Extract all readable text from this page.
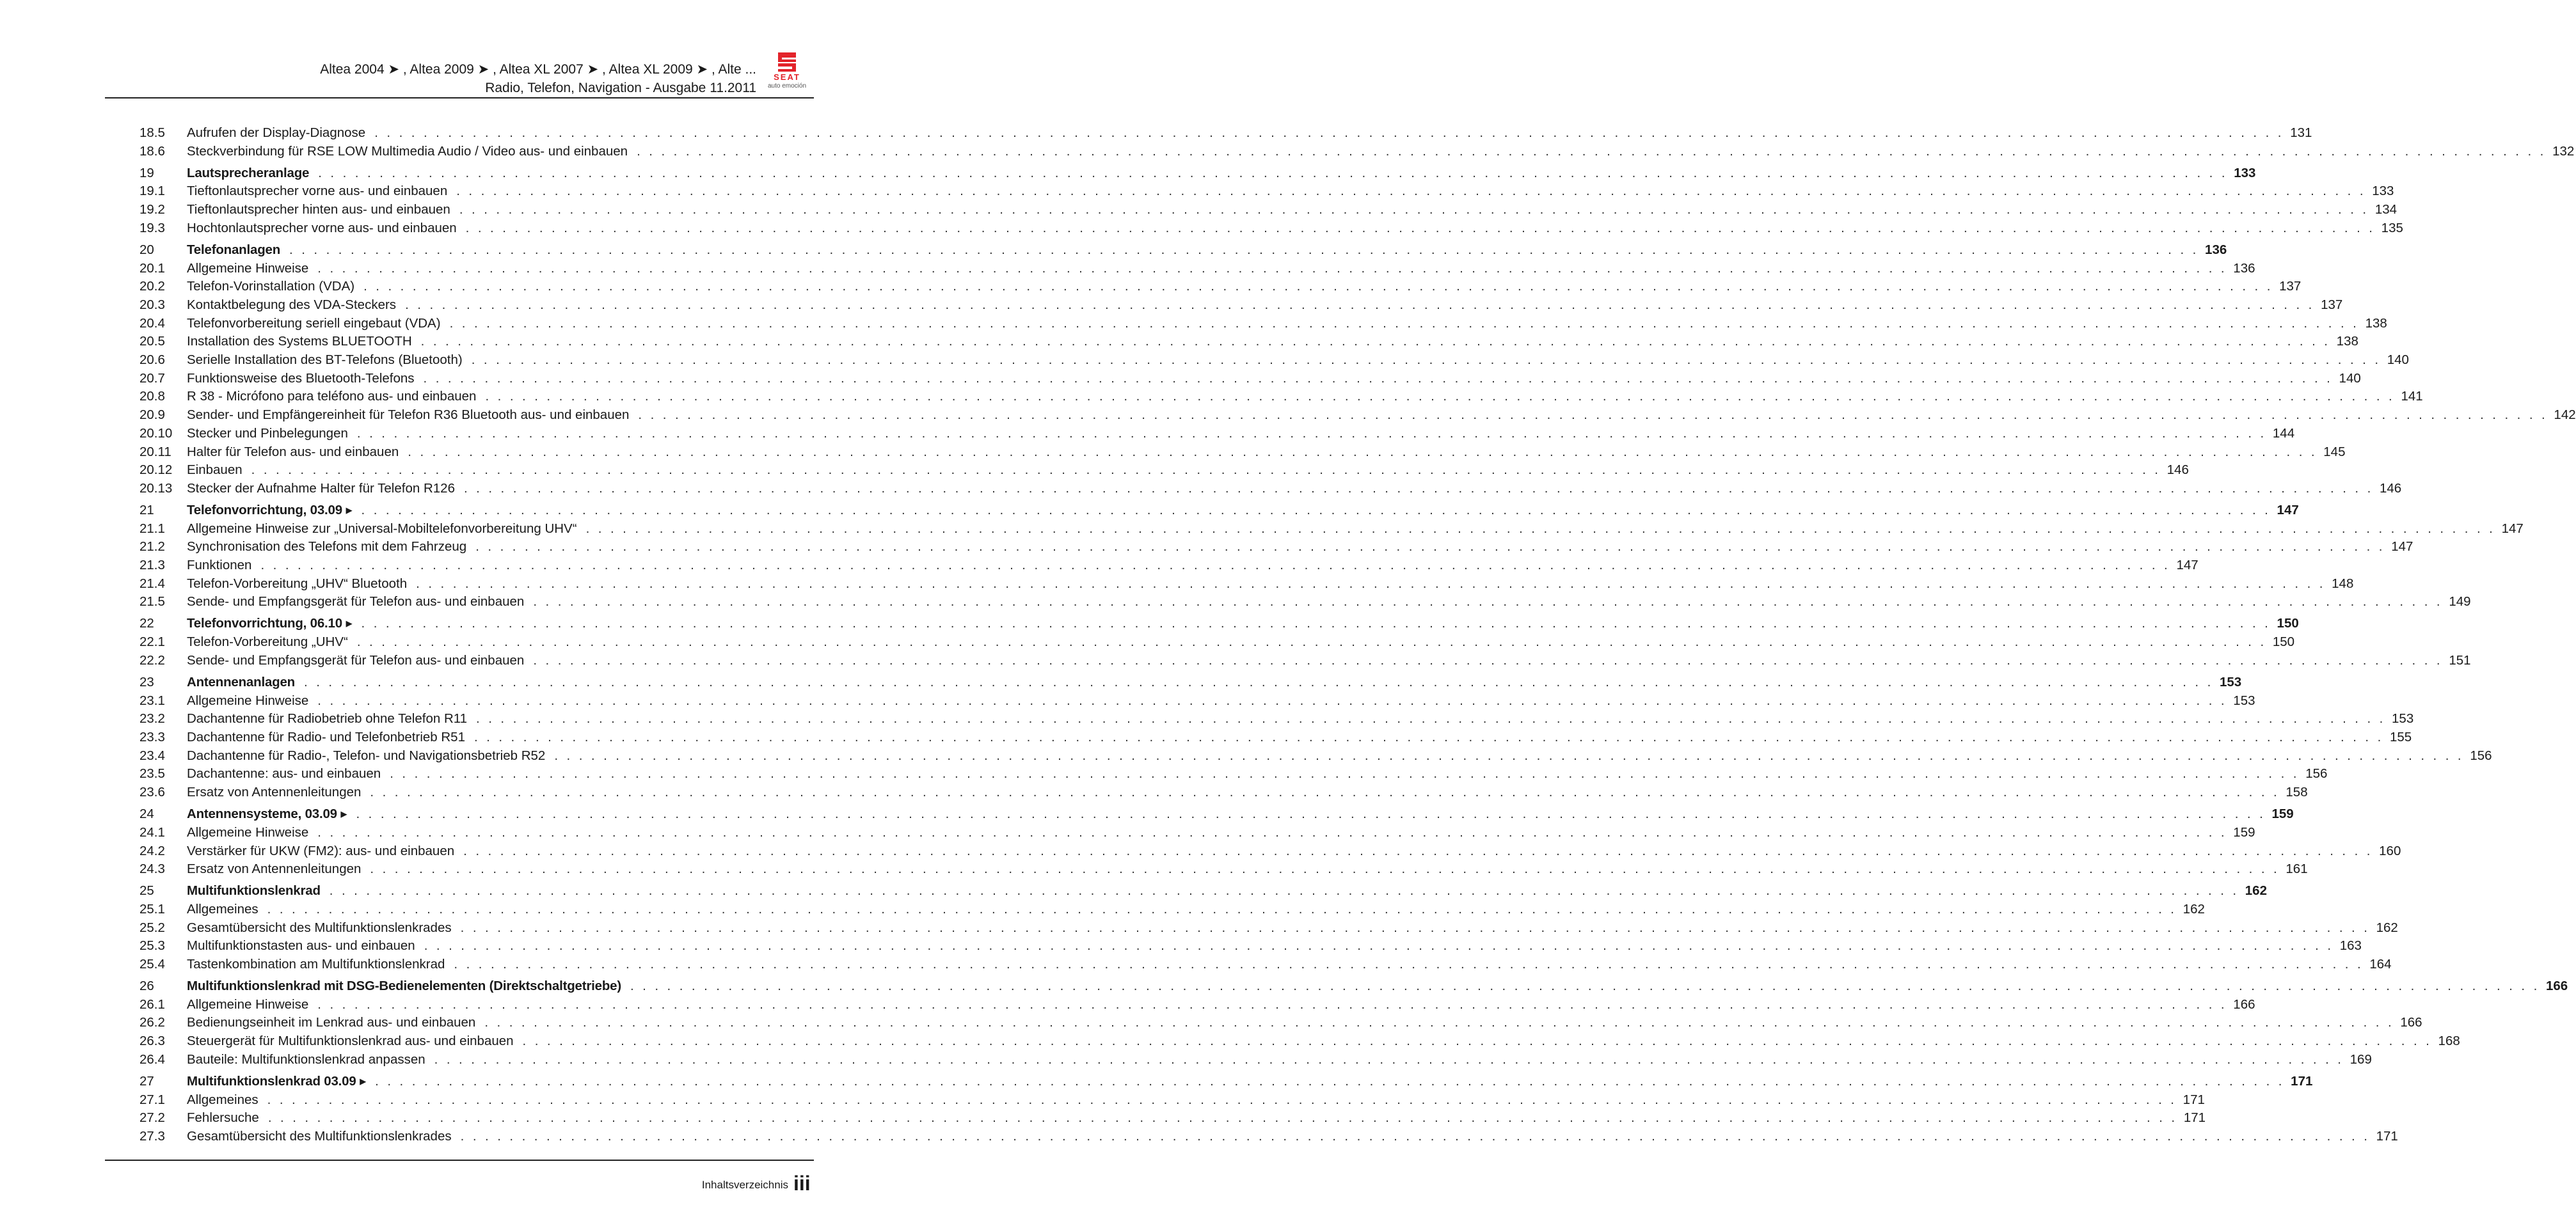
Altea 2004 ➤ , Altea 2009 ➤ , Altea XL 2007 ➤ , Altea XL 2009 ➤ , Alte ...
Radio, Telefon, Navigation - Ausgabe 11.2011
SEAT
auto emoción
18.5	Aufrufen der Display-Diagnose . . . . . . . . . . . . . . . . . . . . . . . . . . . . . . . . . . . . . . . . . . . . . . . . . . . . . . . . . . . . . . . . . . . . . . . . . . . . . . . . . . . . . . . . . . . . . . . . . . . . . . . . . . . . . . . . . . . . . . . . . . . . . . . . . . . . . . . . . . . . . . . . . . . . . . . . . . . . 131
18.6	Steckverbindung für RSE LOW Multimedia Audio / Video aus- und einbauen . . . . . . . . . . . . . . . . . . . . . . . . . . . . . . . . . . . . . . . . . . . . . . . . . . . . . . . . . . . . . . . . . . . . . . . . . . . . . . . . . . . . . . . . . . . . . . . . . . . . . . . . . . . . . . . . . . . . . . . . . . . . . . . . . . . . . . . . . . . . . . . . . . . . . . . . . . . . 132
19	Lautsprecheranlage . . . . . . . . . . . . . . . . . . . . . . . . . . . . . . . . . . . . . . . . . . . . . . . . . . . . . . . . . . . . . . . . . . . . . . . . . . . . . . . . . . . . . . . . . . . . . . . . . . . . . . . . . . . . . . . . . . . . . . . . . . . . . . . . . . . . . . . . . . . . . . . . . . . . . . . . . . . . 133
19.1	Tieftonlautsprecher vorne aus- und einbauen . . . . . . . . . . . . . . . . . . . . . . . . . . . . . . . . . . . . . . . . . . . . . . . . . . . . . . . . . . . . . . . . . . . . . . . . . . . . . . . . . . . . . . . . . . . . . . . . . . . . . . . . . . . . . . . . . . . . . . . . . . . . . . . . . . . . . . . . . . . . . . . . . . . . . . . . . . . . 133
19.2	Tieftonlautsprecher hinten aus- und einbauen . . . . . . . . . . . . . . . . . . . . . . . . . . . . . . . . . . . . . . . . . . . . . . . . . . . . . . . . . . . . . . . . . . . . . . . . . . . . . . . . . . . . . . . . . . . . . . . . . . . . . . . . . . . . . . . . . . . . . . . . . . . . . . . . . . . . . . . . . . . . . . . . . . . . . . . . . . . . 134
19.3	Hochtonlautsprecher vorne aus- und einbauen . . . . . . . . . . . . . . . . . . . . . . . . . . . . . . . . . . . . . . . . . . . . . . . . . . . . . . . . . . . . . . . . . . . . . . . . . . . . . . . . . . . . . . . . . . . . . . . . . . . . . . . . . . . . . . . . . . . . . . . . . . . . . . . . . . . . . . . . . . . . . . . . . . . . . . . . . . . . 135
20	Telefonanlagen . . . . . . . . . . . . . . . . . . . . . . . . . . . . . . . . . . . . . . . . . . . . . . . . . . . . . . . . . . . . . . . . . . . . . . . . . . . . . . . . . . . . . . . . . . . . . . . . . . . . . . . . . . . . . . . . . . . . . . . . . . . . . . . . . . . . . . . . . . . . . . . . . . . . . . . . . . . . 136
20.1	Allgemeine Hinweise . . . . . . . . . . . . . . . . . . . . . . . . . . . . . . . . . . . . . . . . . . . . . . . . . . . . . . . . . . . . . . . . . . . . . . . . . . . . . . . . . . . . . . . . . . . . . . . . . . . . . . . . . . . . . . . . . . . . . . . . . . . . . . . . . . . . . . . . . . . . . . . . . . . . . . . . . . . . 136
20.2	Telefon-Vorinstallation (VDA) . . . . . . . . . . . . . . . . . . . . . . . . . . . . . . . . . . . . . . . . . . . . . . . . . . . . . . . . . . . . . . . . . . . . . . . . . . . . . . . . . . . . . . . . . . . . . . . . . . . . . . . . . . . . . . . . . . . . . . . . . . . . . . . . . . . . . . . . . . . . . . . . . . . . . . . . . . . . 137
20.3	Kontaktbelegung des VDA-Steckers . . . . . . . . . . . . . . . . . . . . . . . . . . . . . . . . . . . . . . . . . . . . . . . . . . . . . . . . . . . . . . . . . . . . . . . . . . . . . . . . . . . . . . . . . . . . . . . . . . . . . . . . . . . . . . . . . . . . . . . . . . . . . . . . . . . . . . . . . . . . . . . . . . . . . . . . . . . . 137
20.4	Telefonvorbereitung seriell eingebaut (VDA) . . . . . . . . . . . . . . . . . . . . . . . . . . . . . . . . . . . . . . . . . . . . . . . . . . . . . . . . . . . . . . . . . . . . . . . . . . . . . . . . . . . . . . . . . . . . . . . . . . . . . . . . . . . . . . . . . . . . . . . . . . . . . . . . . . . . . . . . . . . . . . . . . . . . . . . . . . . . 138
20.5	Installation des Systems BLUETOOTH . . . . . . . . . . . . . . . . . . . . . . . . . . . . . . . . . . . . . . . . . . . . . . . . . . . . . . . . . . . . . . . . . . . . . . . . . . . . . . . . . . . . . . . . . . . . . . . . . . . . . . . . . . . . . . . . . . . . . . . . . . . . . . . . . . . . . . . . . . . . . . . . . . . . . . . . . . . . 138
20.6	Serielle Installation des BT-Telefons (Bluetooth) . . . . . . . . . . . . . . . . . . . . . . . . . . . . . . . . . . . . . . . . . . . . . . . . . . . . . . . . . . . . . . . . . . . . . . . . . . . . . . . . . . . . . . . . . . . . . . . . . . . . . . . . . . . . . . . . . . . . . . . . . . . . . . . . . . . . . . . . . . . . . . . . . . . . . . . . . . . . 140
20.7	Funktionsweise des Bluetooth-Telefons . . . . . . . . . . . . . . . . . . . . . . . . . . . . . . . . . . . . . . . . . . . . . . . . . . . . . . . . . . . . . . . . . . . . . . . . . . . . . . . . . . . . . . . . . . . . . . . . . . . . . . . . . . . . . . . . . . . . . . . . . . . . . . . . . . . . . . . . . . . . . . . . . . . . . . . . . . . . 140
20.8	R 38 - Micrófono para teléfono aus- und einbauen . . . . . . . . . . . . . . . . . . . . . . . . . . . . . . . . . . . . . . . . . . . . . . . . . . . . . . . . . . . . . . . . . . . . . . . . . . . . . . . . . . . . . . . . . . . . . . . . . . . . . . . . . . . . . . . . . . . . . . . . . . . . . . . . . . . . . . . . . . . . . . . . . . . . . . . . . . . . 141
20.9	Sender- und Empfängereinheit für Telefon R36 Bluetooth aus- und einbauen . . . . . . . . . . . . . . . . . . . . . . . . . . . . . . . . . . . . . . . . . . . . . . . . . . . . . . . . . . . . . . . . . . . . . . . . . . . . . . . . . . . . . . . . . . . . . . . . . . . . . . . . . . . . . . . . . . . . . . . . . . . . . . . . . . . . . . . . . . . . . . . . . . . . . . . . . . . . 142
20.10	Stecker und Pinbelegungen . . . . . . . . . . . . . . . . . . . . . . . . . . . . . . . . . . . . . . . . . . . . . . . . . . . . . . . . . . . . . . . . . . . . . . . . . . . . . . . . . . . . . . . . . . . . . . . . . . . . . . . . . . . . . . . . . . . . . . . . . . . . . . . . . . . . . . . . . . . . . . . . . . . . . . . . . . . . 144
20.11	Halter für Telefon aus- und einbauen . . . . . . . . . . . . . . . . . . . . . . . . . . . . . . . . . . . . . . . . . . . . . . . . . . . . . . . . . . . . . . . . . . . . . . . . . . . . . . . . . . . . . . . . . . . . . . . . . . . . . . . . . . . . . . . . . . . . . . . . . . . . . . . . . . . . . . . . . . . . . . . . . . . . . . . . . . . . 145
20.12	Einbauen . . . . . . . . . . . . . . . . . . . . . . . . . . . . . . . . . . . . . . . . . . . . . . . . . . . . . . . . . . . . . . . . . . . . . . . . . . . . . . . . . . . . . . . . . . . . . . . . . . . . . . . . . . . . . . . . . . . . . . . . . . . . . . . . . . . . . . . . . . . . . . . . . . . . . . . . . . . . 146
20.13	Stecker der Aufnahme Halter für Telefon R126 . . . . . . . . . . . . . . . . . . . . . . . . . . . . . . . . . . . . . . . . . . . . . . . . . . . . . . . . . . . . . . . . . . . . . . . . . . . . . . . . . . . . . . . . . . . . . . . . . . . . . . . . . . . . . . . . . . . . . . . . . . . . . . . . . . . . . . . . . . . . . . . . . . . . . . . . . . . . 146
21	Telefonvorrichtung, 03.09 ▸ . . . . . . . . . . . . . . . . . . . . . . . . . . . . . . . . . . . . . . . . . . . . . . . . . . . . . . . . . . . . . . . . . . . . . . . . . . . . . . . . . . . . . . . . . . . . . . . . . . . . . . . . . . . . . . . . . . . . . . . . . . . . . . . . . . . . . . . . . . . . . . . . . . . . . . . . . . . . 147
21.1	Allgemeine Hinweise zur „Universal-Mobiltelefonvorbereitung UHV“ . . . . . . . . . . . . . . . . . . . . . . . . . . . . . . . . . . . . . . . . . . . . . . . . . . . . . . . . . . . . . . . . . . . . . . . . . . . . . . . . . . . . . . . . . . . . . . . . . . . . . . . . . . . . . . . . . . . . . . . . . . . . . . . . . . . . . . . . . . . . . . . . . . . . . . . . . . . . 147
21.2	Synchronisation des Telefons mit dem Fahrzeug . . . . . . . . . . . . . . . . . . . . . . . . . . . . . . . . . . . . . . . . . . . . . . . . . . . . . . . . . . . . . . . . . . . . . . . . . . . . . . . . . . . . . . . . . . . . . . . . . . . . . . . . . . . . . . . . . . . . . . . . . . . . . . . . . . . . . . . . . . . . . . . . . . . . . . . . . . . . 147
21.3	Funktionen . . . . . . . . . . . . . . . . . . . . . . . . . . . . . . . . . . . . . . . . . . . . . . . . . . . . . . . . . . . . . . . . . . . . . . . . . . . . . . . . . . . . . . . . . . . . . . . . . . . . . . . . . . . . . . . . . . . . . . . . . . . . . . . . . . . . . . . . . . . . . . . . . . . . . . . . . . . . 147
21.4	Telefon-Vorbereitung „UHV“ Bluetooth . . . . . . . . . . . . . . . . . . . . . . . . . . . . . . . . . . . . . . . . . . . . . . . . . . . . . . . . . . . . . . . . . . . . . . . . . . . . . . . . . . . . . . . . . . . . . . . . . . . . . . . . . . . . . . . . . . . . . . . . . . . . . . . . . . . . . . . . . . . . . . . . . . . . . . . . . . . . 148
21.5	Sende- und Empfangsgerät für Telefon aus- und einbauen . . . . . . . . . . . . . . . . . . . . . . . . . . . . . . . . . . . . . . . . . . . . . . . . . . . . . . . . . . . . . . . . . . . . . . . . . . . . . . . . . . . . . . . . . . . . . . . . . . . . . . . . . . . . . . . . . . . . . . . . . . . . . . . . . . . . . . . . . . . . . . . . . . . . . . . . . . . . 149
22	Telefonvorrichtung, 06.10 ▸ . . . . . . . . . . . . . . . . . . . . . . . . . . . . . . . . . . . . . . . . . . . . . . . . . . . . . . . . . . . . . . . . . . . . . . . . . . . . . . . . . . . . . . . . . . . . . . . . . . . . . . . . . . . . . . . . . . . . . . . . . . . . . . . . . . . . . . . . . . . . . . . . . . . . . . . . . . . . 150
22.1	Telefon-Vorbereitung „UHV“ . . . . . . . . . . . . . . . . . . . . . . . . . . . . . . . . . . . . . . . . . . . . . . . . . . . . . . . . . . . . . . . . . . . . . . . . . . . . . . . . . . . . . . . . . . . . . . . . . . . . . . . . . . . . . . . . . . . . . . . . . . . . . . . . . . . . . . . . . . . . . . . . . . . . . . . . . . . . 150
22.2	Sende- und Empfangsgerät für Telefon aus- und einbauen . . . . . . . . . . . . . . . . . . . . . . . . . . . . . . . . . . . . . . . . . . . . . . . . . . . . . . . . . . . . . . . . . . . . . . . . . . . . . . . . . . . . . . . . . . . . . . . . . . . . . . . . . . . . . . . . . . . . . . . . . . . . . . . . . . . . . . . . . . . . . . . . . . . . . . . . . . . . 151
23	Antennenanlagen . . . . . . . . . . . . . . . . . . . . . . . . . . . . . . . . . . . . . . . . . . . . . . . . . . . . . . . . . . . . . . . . . . . . . . . . . . . . . . . . . . . . . . . . . . . . . . . . . . . . . . . . . . . . . . . . . . . . . . . . . . . . . . . . . . . . . . . . . . . . . . . . . . . . . . . . . . . . 153
23.1	Allgemeine Hinweise . . . . . . . . . . . . . . . . . . . . . . . . . . . . . . . . . . . . . . . . . . . . . . . . . . . . . . . . . . . . . . . . . . . . . . . . . . . . . . . . . . . . . . . . . . . . . . . . . . . . . . . . . . . . . . . . . . . . . . . . . . . . . . . . . . . . . . . . . . . . . . . . . . . . . . . . . . . . 153
23.2	Dachantenne für Radiobetrieb ohne Telefon R11 . . . . . . . . . . . . . . . . . . . . . . . . . . . . . . . . . . . . . . . . . . . . . . . . . . . . . . . . . . . . . . . . . . . . . . . . . . . . . . . . . . . . . . . . . . . . . . . . . . . . . . . . . . . . . . . . . . . . . . . . . . . . . . . . . . . . . . . . . . . . . . . . . . . . . . . . . . . . 153
23.3	Dachantenne für Radio- und Telefonbetrieb R51 . . . . . . . . . . . . . . . . . . . . . . . . . . . . . . . . . . . . . . . . . . . . . . . . . . . . . . . . . . . . . . . . . . . . . . . . . . . . . . . . . . . . . . . . . . . . . . . . . . . . . . . . . . . . . . . . . . . . . . . . . . . . . . . . . . . . . . . . . . . . . . . . . . . . . . . . . . . . 155
23.4	Dachantenne für Radio-, Telefon- und Navigationsbetrieb R52 . . . . . . . . . . . . . . . . . . . . . . . . . . . . . . . . . . . . . . . . . . . . . . . . . . . . . . . . . . . . . . . . . . . . . . . . . . . . . . . . . . . . . . . . . . . . . . . . . . . . . . . . . . . . . . . . . . . . . . . . . . . . . . . . . . . . . . . . . . . . . . . . . . . . . . . . . . . . 156
23.5	Dachantenne: aus- und einbauen . . . . . . . . . . . . . . . . . . . . . . . . . . . . . . . . . . . . . . . . . . . . . . . . . . . . . . . . . . . . . . . . . . . . . . . . . . . . . . . . . . . . . . . . . . . . . . . . . . . . . . . . . . . . . . . . . . . . . . . . . . . . . . . . . . . . . . . . . . . . . . . . . . . . . . . . . . . . 156
23.6	Ersatz von Antennenleitungen . . . . . . . . . . . . . . . . . . . . . . . . . . . . . . . . . . . . . . . . . . . . . . . . . . . . . . . . . . . . . . . . . . . . . . . . . . . . . . . . . . . . . . . . . . . . . . . . . . . . . . . . . . . . . . . . . . . . . . . . . . . . . . . . . . . . . . . . . . . . . . . . . . . . . . . . . . . . 158
24	Antennensysteme, 03.09 ▸ . . . . . . . . . . . . . . . . . . . . . . . . . . . . . . . . . . . . . . . . . . . . . . . . . . . . . . . . . . . . . . . . . . . . . . . . . . . . . . . . . . . . . . . . . . . . . . . . . . . . . . . . . . . . . . . . . . . . . . . . . . . . . . . . . . . . . . . . . . . . . . . . . . . . . . . . . . . . 159
24.1	Allgemeine Hinweise . . . . . . . . . . . . . . . . . . . . . . . . . . . . . . . . . . . . . . . . . . . . . . . . . . . . . . . . . . . . . . . . . . . . . . . . . . . . . . . . . . . . . . . . . . . . . . . . . . . . . . . . . . . . . . . . . . . . . . . . . . . . . . . . . . . . . . . . . . . . . . . . . . . . . . . . . . . . 159
24.2	Verstärker für UKW (FM2): aus- und einbauen . . . . . . . . . . . . . . . . . . . . . . . . . . . . . . . . . . . . . . . . . . . . . . . . . . . . . . . . . . . . . . . . . . . . . . . . . . . . . . . . . . . . . . . . . . . . . . . . . . . . . . . . . . . . . . . . . . . . . . . . . . . . . . . . . . . . . . . . . . . . . . . . . . . . . . . . . . . . 160
24.3	Ersatz von Antennenleitungen . . . . . . . . . . . . . . . . . . . . . . . . . . . . . . . . . . . . . . . . . . . . . . . . . . . . . . . . . . . . . . . . . . . . . . . . . . . . . . . . . . . . . . . . . . . . . . . . . . . . . . . . . . . . . . . . . . . . . . . . . . . . . . . . . . . . . . . . . . . . . . . . . . . . . . . . . . . . 161
25	Multifunktionslenkrad . . . . . . . . . . . . . . . . . . . . . . . . . . . . . . . . . . . . . . . . . . . . . . . . . . . . . . . . . . . . . . . . . . . . . . . . . . . . . . . . . . . . . . . . . . . . . . . . . . . . . . . . . . . . . . . . . . . . . . . . . . . . . . . . . . . . . . . . . . . . . . . . . . . . . . . . . . . . 162
25.1	Allgemeines . . . . . . . . . . . . . . . . . . . . . . . . . . . . . . . . . . . . . . . . . . . . . . . . . . . . . . . . . . . . . . . . . . . . . . . . . . . . . . . . . . . . . . . . . . . . . . . . . . . . . . . . . . . . . . . . . . . . . . . . . . . . . . . . . . . . . . . . . . . . . . . . . . . . . . . . . . . . 162
25.2	Gesamtübersicht des Multifunktionslenkrades . . . . . . . . . . . . . . . . . . . . . . . . . . . . . . . . . . . . . . . . . . . . . . . . . . . . . . . . . . . . . . . . . . . . . . . . . . . . . . . . . . . . . . . . . . . . . . . . . . . . . . . . . . . . . . . . . . . . . . . . . . . . . . . . . . . . . . . . . . . . . . . . . . . . . . . . . . . . 162
25.3	Multifunktionstasten aus- und einbauen . . . . . . . . . . . . . . . . . . . . . . . . . . . . . . . . . . . . . . . . . . . . . . . . . . . . . . . . . . . . . . . . . . . . . . . . . . . . . . . . . . . . . . . . . . . . . . . . . . . . . . . . . . . . . . . . . . . . . . . . . . . . . . . . . . . . . . . . . . . . . . . . . . . . . . . . . . . . 163
25.4	Tastenkombination am Multifunktionslenkrad . . . . . . . . . . . . . . . . . . . . . . . . . . . . . . . . . . . . . . . . . . . . . . . . . . . . . . . . . . . . . . . . . . . . . . . . . . . . . . . . . . . . . . . . . . . . . . . . . . . . . . . . . . . . . . . . . . . . . . . . . . . . . . . . . . . . . . . . . . . . . . . . . . . . . . . . . . . . 164
26	Multifunktionslenkrad mit DSG-Bedienelementen (Direktschaltgetriebe) . . . . . . . . . . . . . . . . . . . . . . . . . . . . . . . . . . . . . . . . . . . . . . . . . . . . . . . . . . . . . . . . . . . . . . . . . . . . . . . . . . . . . . . . . . . . . . . . . . . . . . . . . . . . . . . . . . . . . . . . . . . . . . . . . . . . . . . . . . . . . . . . . . . . . . . . . . . . 166
26.1	Allgemeine Hinweise . . . . . . . . . . . . . . . . . . . . . . . . . . . . . . . . . . . . . . . . . . . . . . . . . . . . . . . . . . . . . . . . . . . . . . . . . . . . . . . . . . . . . . . . . . . . . . . . . . . . . . . . . . . . . . . . . . . . . . . . . . . . . . . . . . . . . . . . . . . . . . . . . . . . . . . . . . . . 166
26.2	Bedienungseinheit im Lenkrad aus- und einbauen . . . . . . . . . . . . . . . . . . . . . . . . . . . . . . . . . . . . . . . . . . . . . . . . . . . . . . . . . . . . . . . . . . . . . . . . . . . . . . . . . . . . . . . . . . . . . . . . . . . . . . . . . . . . . . . . . . . . . . . . . . . . . . . . . . . . . . . . . . . . . . . . . . . . . . . . . . . . 166
26.3	Steuergerät für Multifunktionslenkrad aus- und einbauen . . . . . . . . . . . . . . . . . . . . . . . . . . . . . . . . . . . . . . . . . . . . . . . . . . . . . . . . . . . . . . . . . . . . . . . . . . . . . . . . . . . . . . . . . . . . . . . . . . . . . . . . . . . . . . . . . . . . . . . . . . . . . . . . . . . . . . . . . . . . . . . . . . . . . . . . . . . . 168
26.4	Bauteile: Multifunktionslenkrad anpassen . . . . . . . . . . . . . . . . . . . . . . . . . . . . . . . . . . . . . . . . . . . . . . . . . . . . . . . . . . . . . . . . . . . . . . . . . . . . . . . . . . . . . . . . . . . . . . . . . . . . . . . . . . . . . . . . . . . . . . . . . . . . . . . . . . . . . . . . . . . . . . . . . . . . . . . . . . . . 169
27	Multifunktionslenkrad 03.09 ▸ . . . . . . . . . . . . . . . . . . . . . . . . . . . . . . . . . . . . . . . . . . . . . . . . . . . . . . . . . . . . . . . . . . . . . . . . . . . . . . . . . . . . . . . . . . . . . . . . . . . . . . . . . . . . . . . . . . . . . . . . . . . . . . . . . . . . . . . . . . . . . . . . . . . . . . . . . . . . 171
27.1	Allgemeines . . . . . . . . . . . . . . . . . . . . . . . . . . . . . . . . . . . . . . . . . . . . . . . . . . . . . . . . . . . . . . . . . . . . . . . . . . . . . . . . . . . . . . . . . . . . . . . . . . . . . . . . . . . . . . . . . . . . . . . . . . . . . . . . . . . . . . . . . . . . . . . . . . . . . . . . . . . . 171
27.2	Fehlersuche . . . . . . . . . . . . . . . . . . . . . . . . . . . . . . . . . . . . . . . . . . . . . . . . . . . . . . . . . . . . . . . . . . . . . . . . . . . . . . . . . . . . . . . . . . . . . . . . . . . . . . . . . . . . . . . . . . . . . . . . . . . . . . . . . . . . . . . . . . . . . . . . . . . . . . . . . . . . 171
27.3	Gesamtübersicht des Multifunktionslenkrades . . . . . . . . . . . . . . . . . . . . . . . . . . . . . . . . . . . . . . . . . . . . . . . . . . . . . . . . . . . . . . . . . . . . . . . . . . . . . . . . . . . . . . . . . . . . . . . . . . . . . . . . . . . . . . . . . . . . . . . . . . . . . . . . . . . . . . . . . . . . . . . . . . . . . . . . . . . . 171
Inhaltsverzeichnis iii
